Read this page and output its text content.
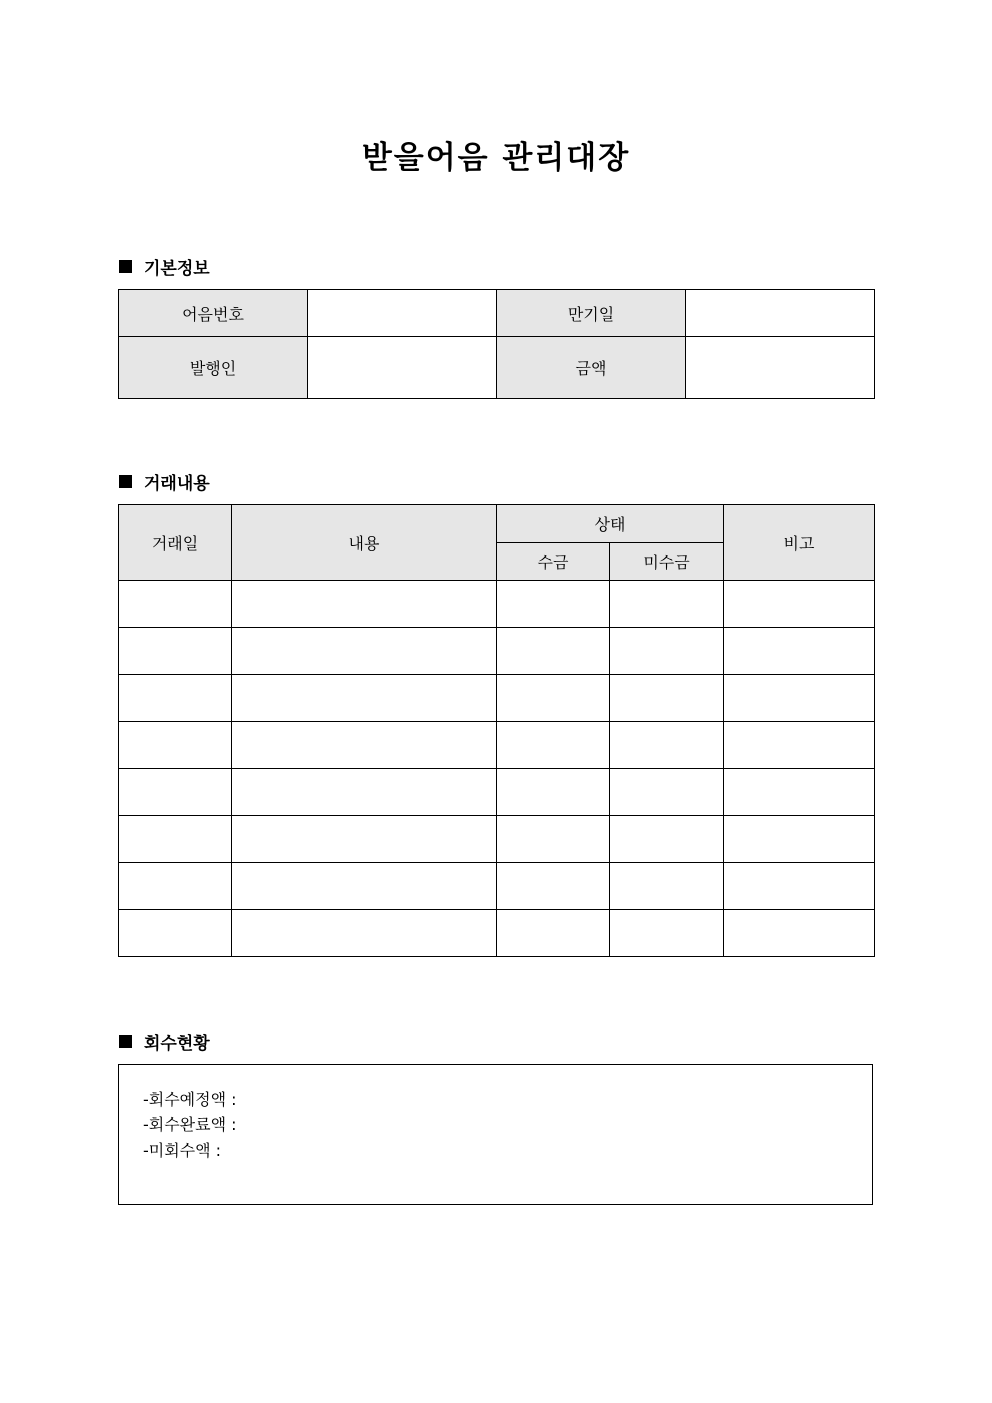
받을어음 관리대장
기본정보
어음번호		만기일	
발행인		금액	
거래내용
거래일	내용	상태		비고
		수금	미수금	

회수현황
-회수예정액 :
-회수완료액 :
-미회수액 :
